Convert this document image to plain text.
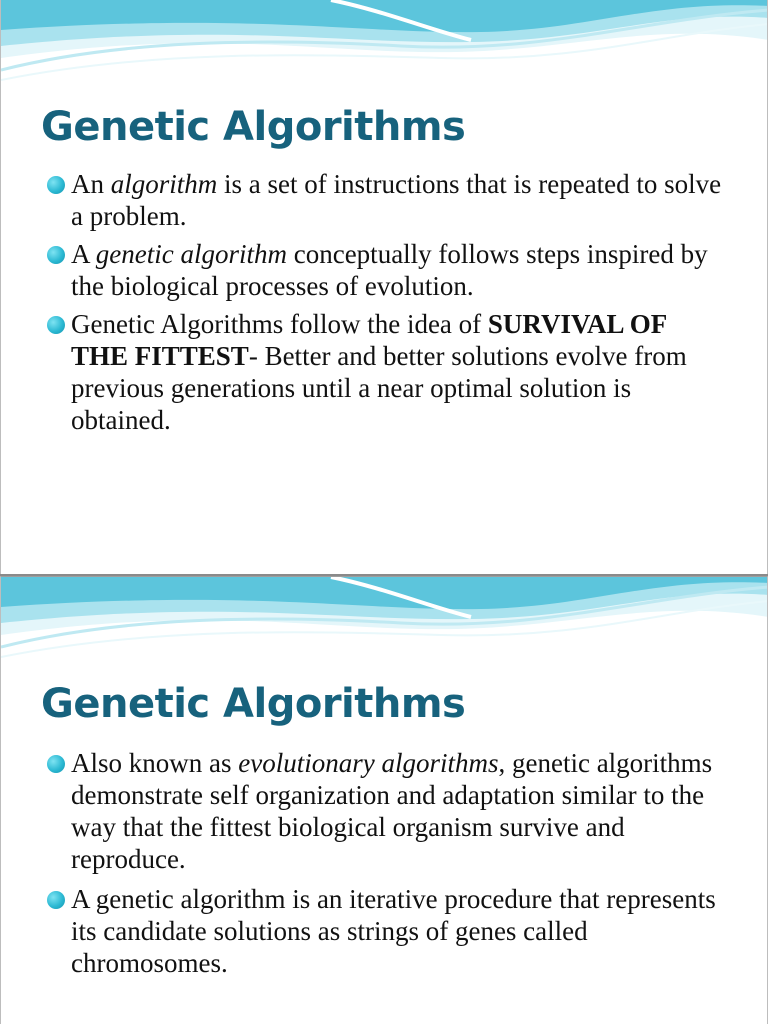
Genetic Algorithms
An algorithm is a set of instructions that is repeated to solve a problem.
A genetic algorithm conceptually follows steps inspired by the biological processes of evolution.
Genetic Algorithms follow the idea of SURVIVAL OF THE FITTEST- Better and better solutions evolve from previous generations until a near optimal solution is obtained.
Genetic Algorithms
Also known as evolutionary algorithms, genetic algorithms demonstrate self organization and adaptation similar to the way that the fittest biological organism survive and reproduce.
A genetic algorithm is an iterative procedure that represents its candidate solutions as strings of genes called chromosomes.
